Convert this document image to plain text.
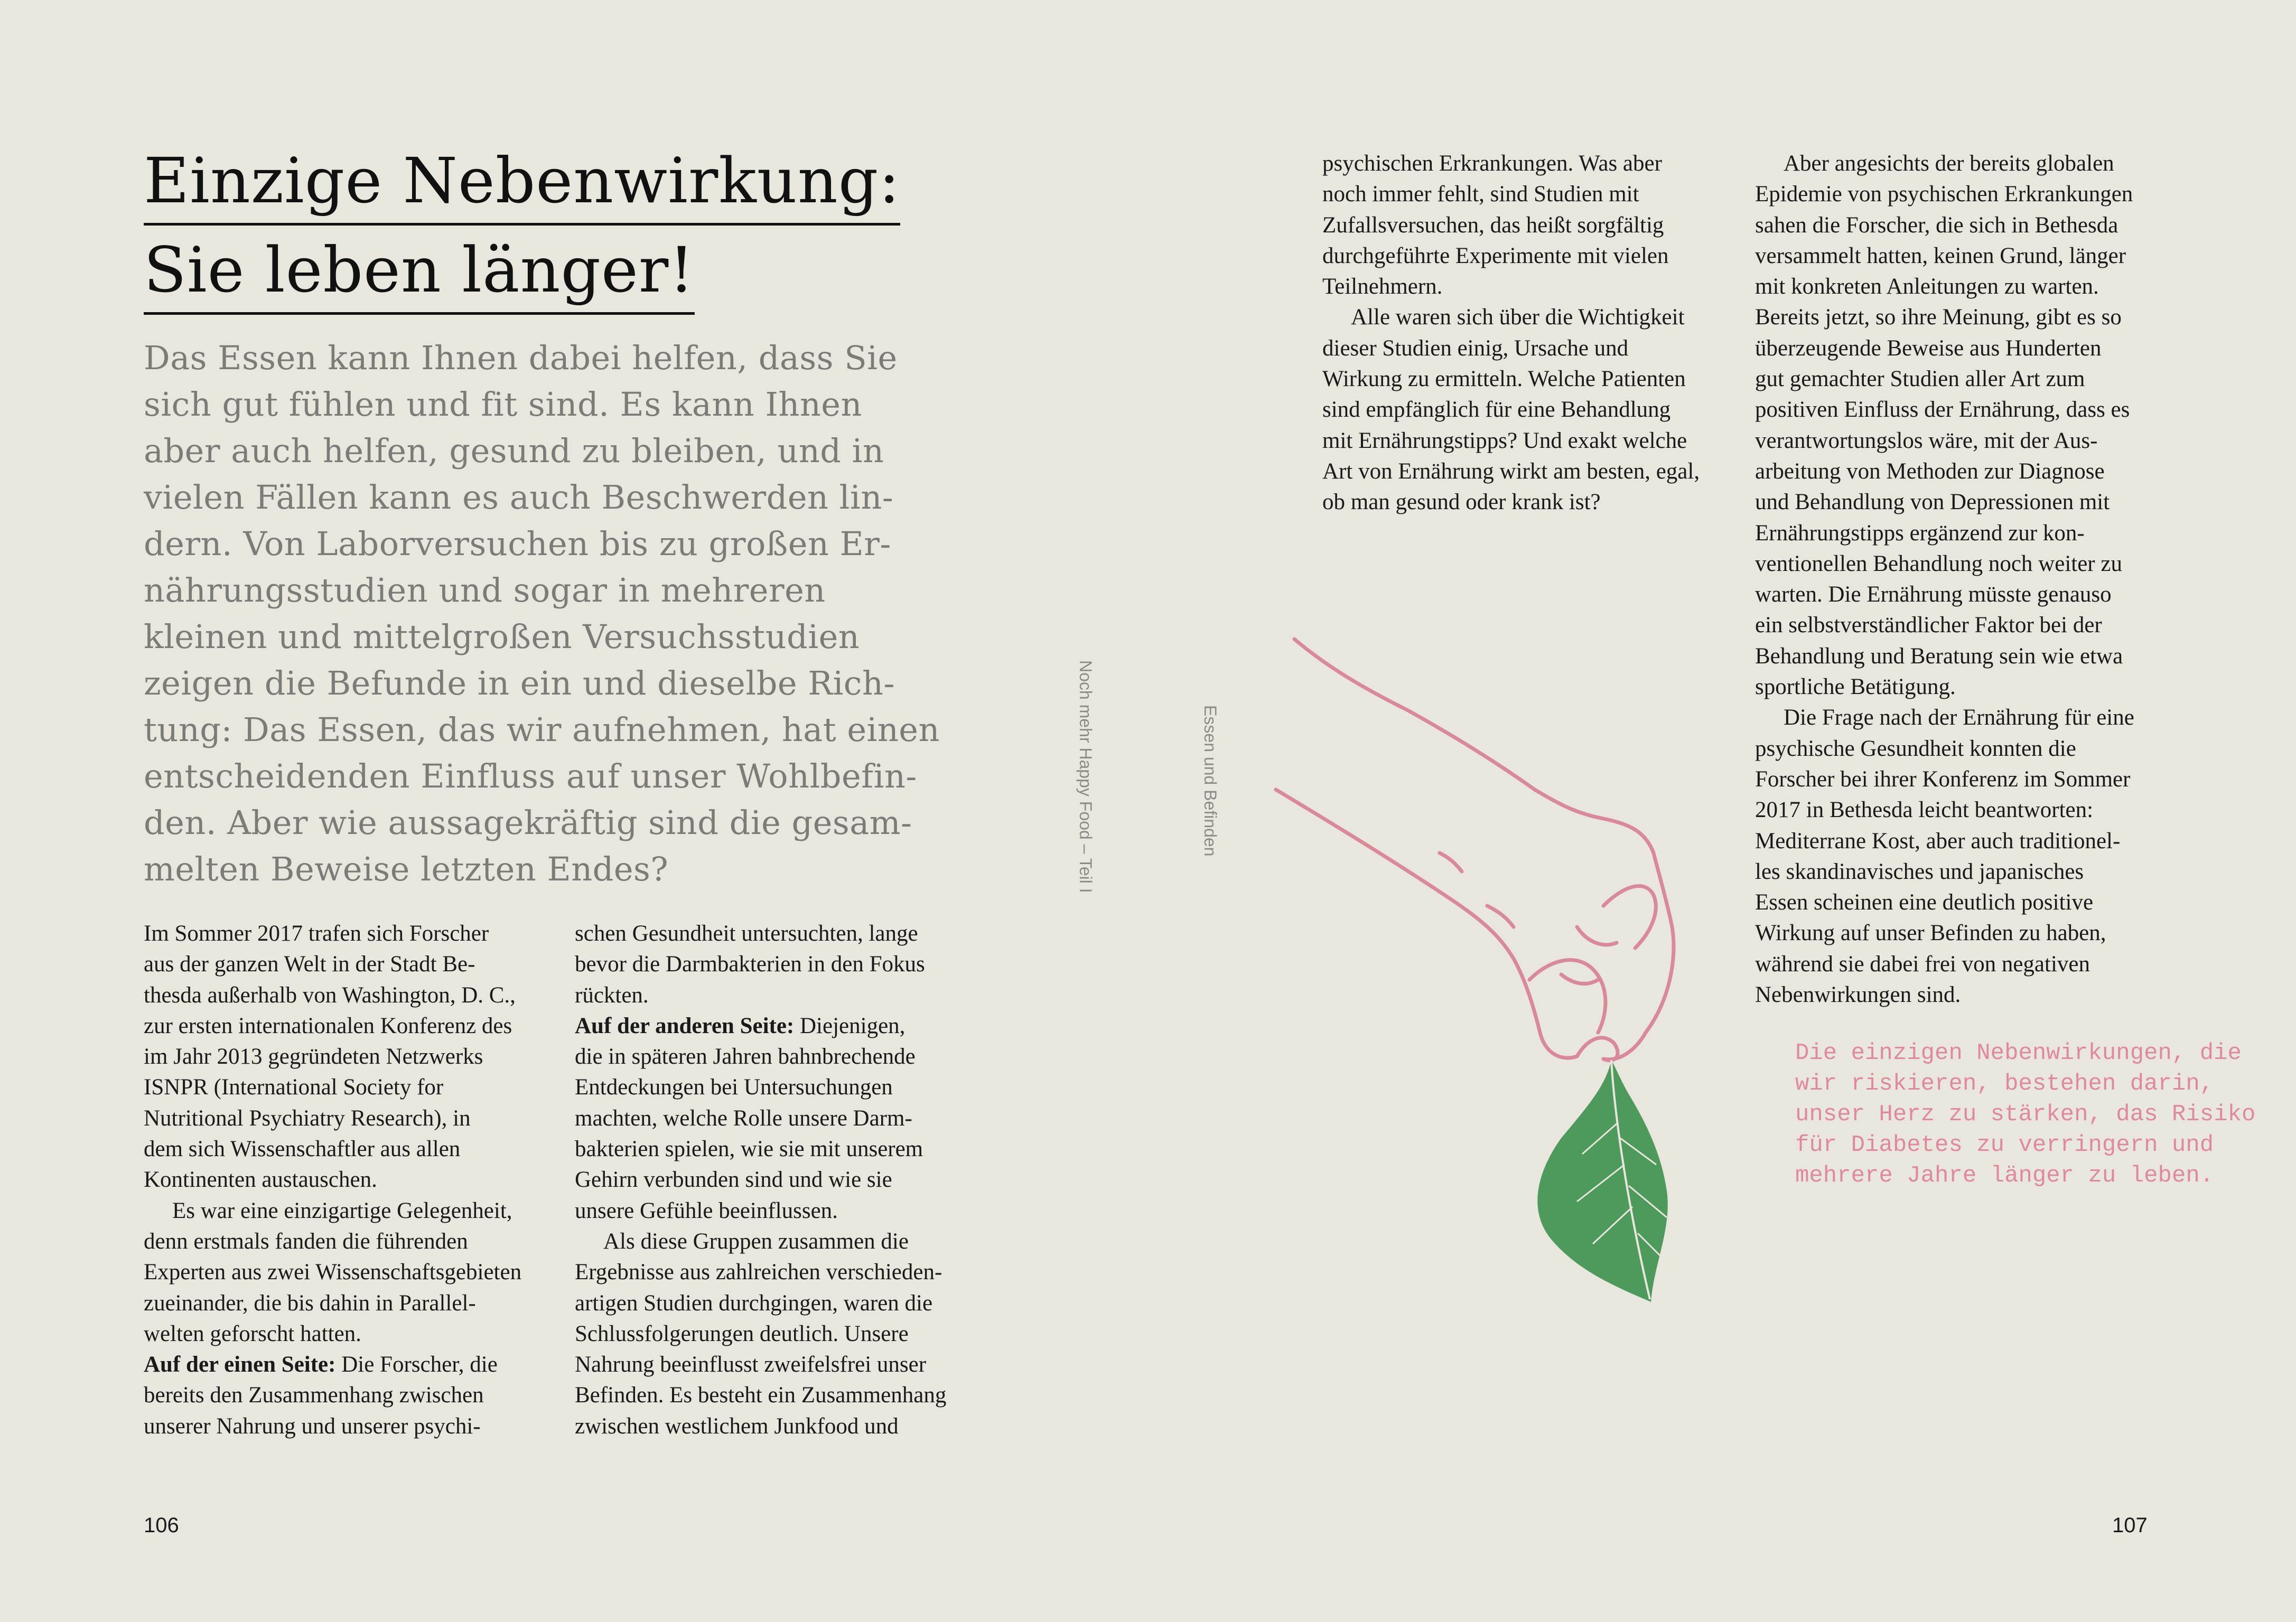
Einzige Nebenwirkung:
Sie leben länger!
Das Essen kann Ihnen dabei helfen, dass Sie
sich gut fühlen und fit sind. Es kann Ihnen
aber auch helfen, gesund zu bleiben, und in
vielen Fällen kann es auch Beschwerden lin-
dern. Von Laborversuchen bis zu großen Er-
nährungsstudien und sogar in mehreren
kleinen und mittelgroßen Versuchsstudien
zeigen die Befunde in ein und dieselbe Rich-
tung: Das Essen, das wir aufnehmen, hat einen
entscheidenden Einfluss auf unser Wohlbefin-
den. Aber wie aussagekräftig sind die gesam-
melten Beweise letzten Endes?
Im Sommer 2017 trafen sich Forscher
aus der ganzen Welt in der Stadt Be-
thesda außerhalb von Washington, D. C.,
zur ersten internationalen Konferenz des
im Jahr 2013 gegründeten Netzwerks
ISNPR (International Society for
Nutritional Psychiatry Research), in
dem sich Wissenschaftler aus allen
Kontinenten austauschen.
Es war eine einzigartige Gelegenheit,
denn erstmals fanden die führenden
Experten aus zwei Wissenschaftsgebieten
zueinander, die bis dahin in Parallel-
welten geforscht hatten.
Auf der einen Seite: Die Forscher, die
bereits den Zusammenhang zwischen
unserer Nahrung und unserer psychi-
schen Gesundheit untersuchten, lange
bevor die Darmbakterien in den Fokus
rückten.
Auf der anderen Seite: Diejenigen,
die in späteren Jahren bahnbrechende
Entdeckungen bei Untersuchungen
machten, welche Rolle unsere Darm-
bakterien spielen, wie sie mit unserem
Gehirn verbunden sind und wie sie
unsere Gefühle beeinflussen.
Als diese Gruppen zusammen die
Ergebnisse aus zahlreichen verschieden-
artigen Studien durchgingen, waren die
Schlussfolgerungen deutlich. Unsere
Nahrung beeinflusst zweifelsfrei unser
Befinden. Es besteht ein Zusammenhang
zwischen westlichem Junkfood und
psychischen Erkrankungen. Was aber
noch immer fehlt, sind Studien mit
Zufallsversuchen, das heißt sorgfältig
durchgeführte Experimente mit vielen
Teilnehmern.
Alle waren sich über die Wichtigkeit
dieser Studien einig, Ursache und
Wirkung zu ermitteln. Welche Patienten
sind empfänglich für eine Behandlung
mit Ernährungstipps? Und exakt welche
Art von Ernährung wirkt am besten, egal,
ob man gesund oder krank ist?
Aber angesichts der bereits globalen
Epidemie von psychischen Erkrankungen
sahen die Forscher, die sich in Bethesda
versammelt hatten, keinen Grund, länger
mit konkreten Anleitungen zu warten.
Bereits jetzt, so ihre Meinung, gibt es so
überzeugende Beweise aus Hunderten
gut gemachter Studien aller Art zum
positiven Einfluss der Ernährung, dass es
verantwortungslos wäre, mit der Aus-
arbeitung von Methoden zur Diagnose
und Behandlung von Depressionen mit
Ernährungstipps ergänzend zur kon-
ventionellen Behandlung noch weiter zu
warten. Die Ernährung müsste genauso
ein selbstverständlicher Faktor bei der
Behandlung und Beratung sein wie etwa
sportliche Betätigung.
Die Frage nach der Ernährung für eine
psychische Gesundheit konnten die
Forscher bei ihrer Konferenz im Sommer
2017 in Bethesda leicht beantworten:
Mediterrane Kost, aber auch traditionel-
les skandinavisches und japanisches
Essen scheinen eine deutlich positive
Wirkung auf unser Befinden zu haben,
während sie dabei frei von negativen
Nebenwirkungen sind.
Noch mehr Happy Food – Teil I	Essen und Befinden
Die einzigen Nebenwirkungen, die
wir riskieren, bestehen darin,
unser Herz zu stärken, das Risiko
für Diabetes zu verringern und
mehrere Jahre länger zu leben.
106	107
